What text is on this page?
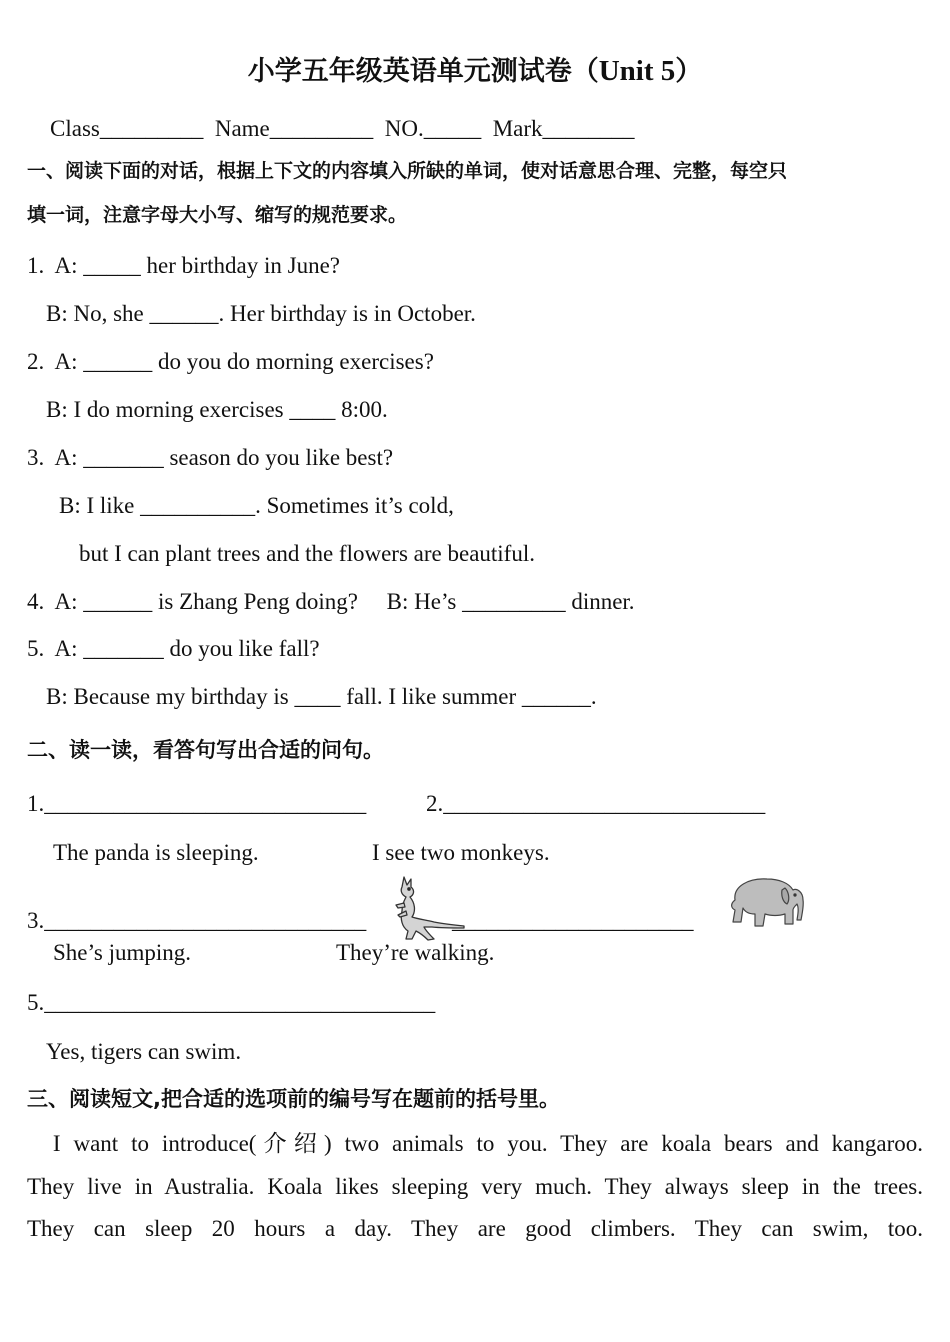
小学五年级英语单元测试卷（Unit 5）
Class_________  Name_________  NO._____  Mark________
一、阅读下面的对话，根据上下文的内容填入所缺的单词，使对话意思合理、完整，每空只
填一词，注意字母大小写、缩写的规范要求。
1.  A: _____ her birthday in June?
B: No, she ______. Her birthday is in October.
2.  A: ______ do you do morning exercises?
B: I do morning exercises ____ 8:00.
3.  A: _______ season do you like best?
B: I like __________. Sometimes it’s cold,
but I can plant trees and the flowers are beautiful.
4.  A: ______ is Zhang Peng doing?     B: He’s _________ dinner.
5.  A: _______ do you like fall?
B: Because my birthday is ____ fall. I like summer ______.
二、读一读，看答句写出合适的问句。
1.____________________________	2.____________________________
The panda is sleeping.	I see two monkeys.
3.____________________________	_____________________
She’s jumping.	They’re walking.
5.__________________________________
Yes, tigers can swim.
三、阅读短文,把合适的选项前的编号写在题前的括号里。
I want to introduce(介绍) two animals to you. They are koala bears and kangaroo.
They live in Australia. Koala likes sleeping very much. They always sleep in the trees.
They can sleep 20 hours a day. They are good climbers. They can swim, too.
